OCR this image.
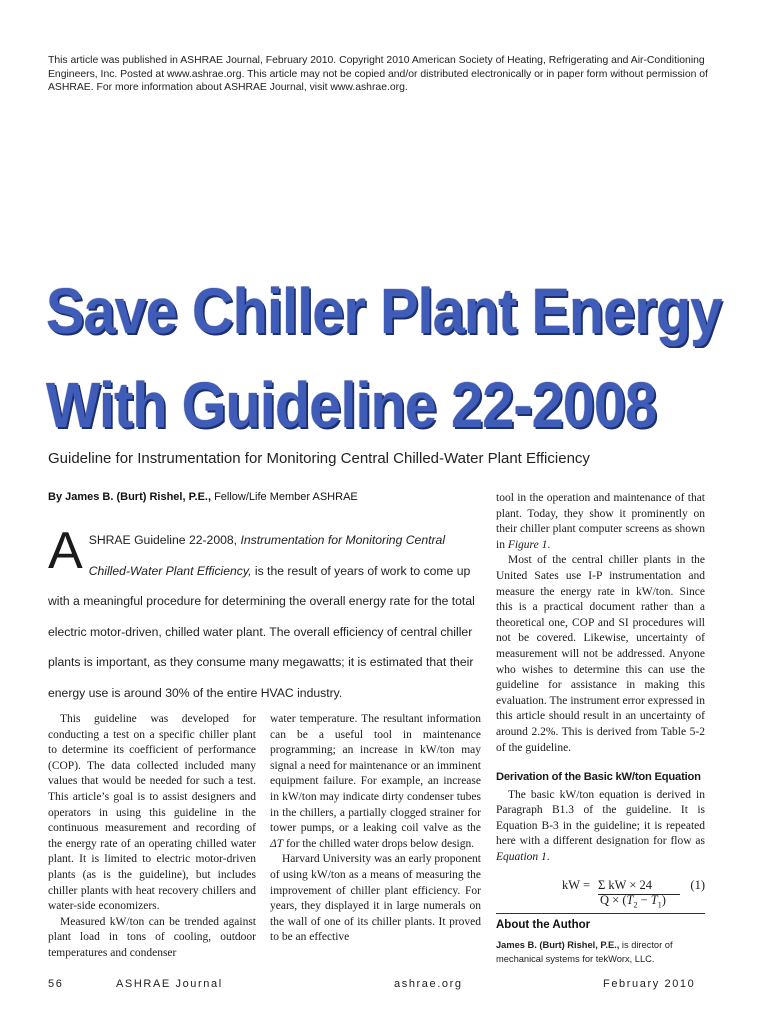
This article was published in ASHRAE Journal, February 2010. Copyright 2010 American Society of Heating, Refrigerating and Air-Conditioning Engineers, Inc. Posted at www.ashrae.org. This article may not be copied and/or distributed electronically or in paper form without permission of ASHRAE. For more information about ASHRAE Journal, visit www.ashrae.org.
Save Chiller Plant Energy
With Guideline 22-2008
Guideline for Instrumentation for Monitoring Central Chilled-Water Plant Efficiency
By James B. (Burt) Rishel, P.E., Fellow/Life Member ASHRAE
ASHRAE Guideline 22-2008, Instrumentation for Monitoring Central Chilled-Water Plant Efficiency, is the result of years of work to come up with a meaningful procedure for determining the overall energy rate for the total electric motor-driven, chilled water plant. The overall efficiency of central chiller plants is important, as they consume many megawatts; it is estimated that their energy use is around 30% of the entire HVAC industry.

This guideline was developed for conducting a test on a specific chiller plant to determine its coefficient of performance (COP). The data collected included many values that would be needed for such a test. This article’s goal is to assist designers and operators in using this guideline in the continuous measurement and recording of the energy rate of an operating chilled water plant. It is limited to electric motor-driven plants (as is the guideline), but includes chiller plants with heat recovery chillers and water-side economizers.

Measured kW/ton can be trended against plant load in tons of cooling, outdoor temperatures and condenser

water temperature. The resultant information can be a useful tool in maintenance programming; an increase in kW/ton may signal a need for maintenance or an imminent equipment failure. For example, an increase in kW/ton may indicate dirty condenser tubes in the chillers, a partially clogged strainer for tower pumps, or a leaking coil valve as the ΔT for the chilled water drops below design.

Harvard University was an early proponent of using kW/ton as a means of measuring the improvement of chiller plant efficiency. For years, they displayed it in large numerals on the wall of one of its chiller plants. It proved to be an effective

tool in the operation and maintenance of that plant. Today, they show it prominently on their chiller plant computer screens as shown in Figure 1.

Most of the central chiller plants in the United Sates use I-P instrumentation and measure the energy rate in kW/ton. Since this is a practical document rather than a theoretical one, COP and SI procedures will not be covered. Likewise, uncertainty of measurement will not be addressed. Anyone who wishes to determine this can use the guideline for assistance in making this evaluation. The instrument error expressed in this article should result in an uncertainty of around 2.2%. This is derived from Table 5-2 of the guideline.

Derivation of the Basic kW/ton Equation

The basic kW/ton equation is derived in Paragraph B1.3 of the guideline. It is Equation B-3 in the guideline; it is repeated here with a different designation for flow as Equation 1.

kW = Σ kW × 24
$Q \times (T_2 - T_1)$
(1)
About the Author
James B. (Burt) Rishel, P.E., is director of mechanical systems for tekWorx, LLC.
56	ASHRAE Journal	ashrae.org	February 2010
